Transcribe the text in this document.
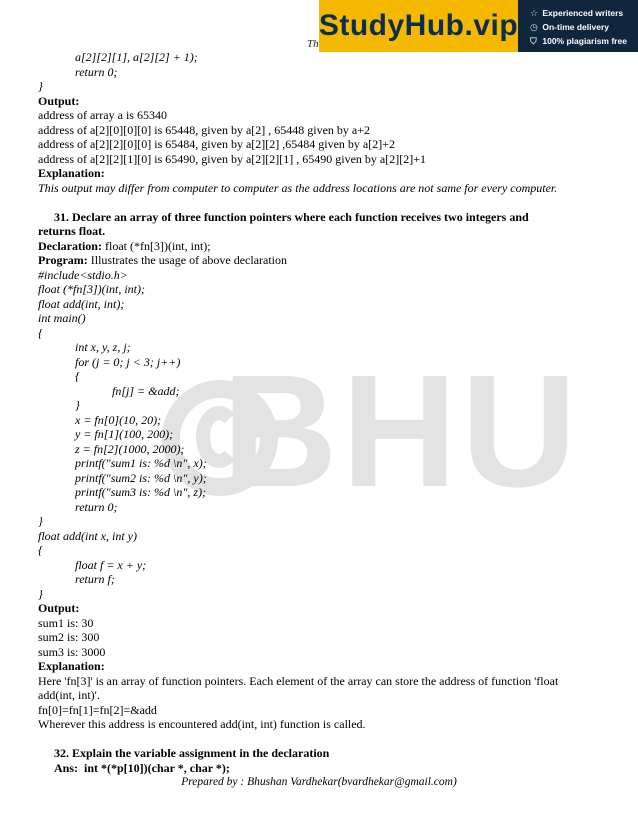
BHU
Th
StudyHub.vip ☆ Experienced writers
◷ On-time delivery
⛉ 100% plagiarism free
a[2][2][1], a[2][2] + 1);
return 0;
}
Output:
address of array a is 65340
address of a[2][0][0][0] is 65448, given by a[2] , 65448 given by a+2
address of a[2][2][0][0] is 65484, given by a[2][2] ,65484 given by a[2]+2
address of a[2][2][1][0] is 65490, given by a[2][2][1] , 65490 given by a[2][2]+1
Explanation:
This output may differ from computer to computer as the address locations are not same for every computer.
31. Declare an array of three function pointers where each function receives two integers and
returns float.
Declaration: float (*fn[3])(int, int);
Program: Illustrates the usage of above declaration
#include<stdio.h>
float (*fn[3])(int, int);
float add(int, int);
int main()
{
int x, y, z, j;
for (j = 0; j < 3; j++)
{
fn[j] = &add;
}
x = fn[0](10, 20);
y = fn[1](100, 200);
z = fn[2](1000, 2000);
printf("sum1 is: %d \n", x);
printf("sum2 is: %d \n", y);
printf("sum3 is: %d \n", z);
return 0;
}
float add(int x, int y)
{
float f = x + y;
return f;
}
Output:
sum1 is: 30
sum2 is: 300
sum3 is: 3000
Explanation:
Here 'fn[3]' is an array of function pointers. Each element of the array can store the address of function 'float add(int, int)'.
fn[0]=fn[1]=fn[2]=&add
Wherever this address is encountered add(int, int) function is called.
32. Explain the variable assignment in the declaration
Ans:  int *(*p[10])(char *, char *);
Prepared by : Bhushan Vardhekar(bvardhekar@gmail.com)
